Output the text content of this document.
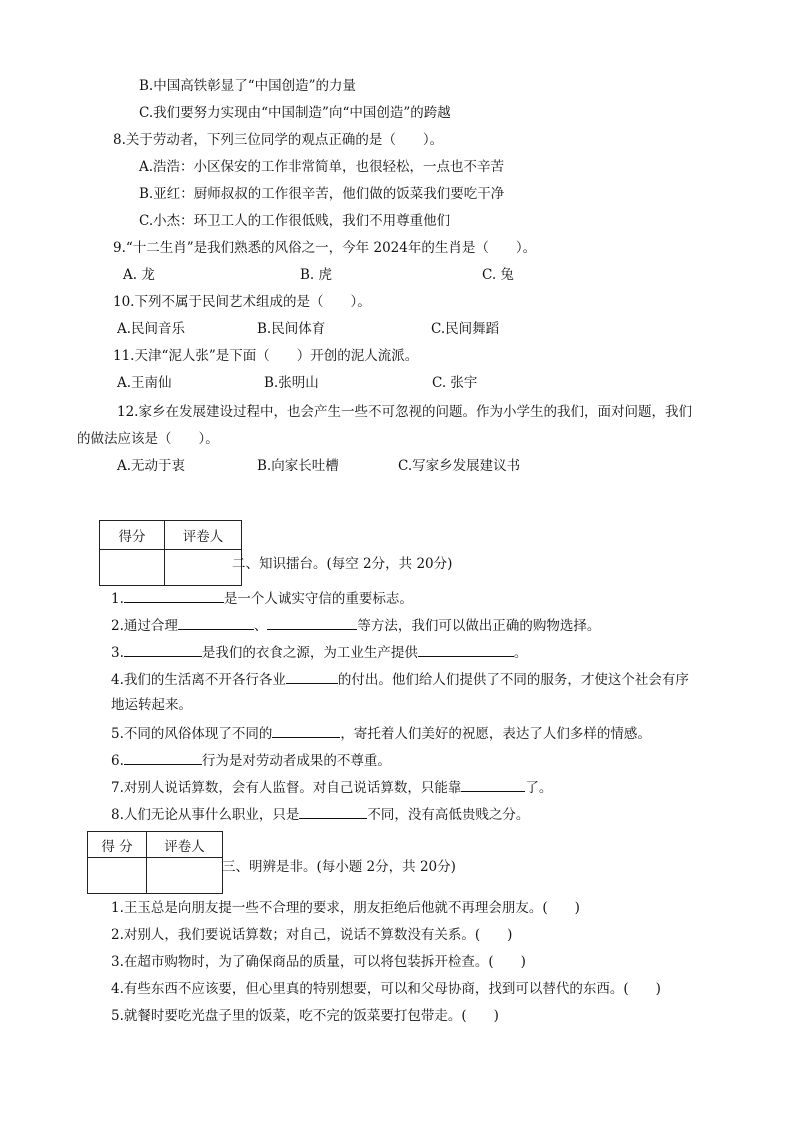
B.中国高铁彰显了“中国创造”的力量
C.我们要努力实现由“中国制造”向“中国创造”的跨越
8.关于劳动者，下列三位同学的观点正确的是（　　）。
A.浩浩：小区保安的工作非常简单，也很轻松，一点也不辛苦
B.亚红：厨师叔叔的工作很辛苦，他们做的饭菜我们要吃干净
C.小杰：环卫工人的工作很低贱，我们不用尊重他们
9.“十二生肖”是我们熟悉的风俗之一，今年 2024年的生肖是（　　）。
A. 龙	B. 虎	C. 兔
10.下列不属于民间艺术组成的是（　　）。
A.民间音乐	B.民间体育	C.民间舞蹈
11.天津“泥人张”是下面（　　）开创的泥人流派。
A.王南仙	B.张明山	C. 张宇
12.家乡在发展建设过程中，也会产生一些不可忽视的问题。作为小学生的我们，面对问题，我们
的做法应该是（　　）。
A.无动于衷	B.向家长吐槽	C.写家乡发展建议书
得分	评卷人

二、知识擂台。(每空 2分，共 20分)
1.	是一个人诚实守信的重要标志。
2.通过合理	、	等方法，我们可以做出正确的购物选择。
3.	是我们的衣食之源，为工业生产提供	。
4.我们的生活离不开各行各业	的付出。他们给人们提供了不同的服务，才使这个社会有序
地运转起来。
5.不同的风俗体现了不同的	，寄托着人们美好的祝愿，表达了人们多样的情感。
6.	行为是对劳动者成果的不尊重。
7.对别人说话算数，会有人监督。对自己说话算数，只能靠	了。
8.人们无论从事什么职业，只是	不同，没有高低贵贱之分。
得 分	评卷人

三、明辨是非。(每小题 2分，共 20分)
1.王玉总是向朋友提一些不合理的要求，朋友拒绝后他就不再理会朋友。(　　)
2.对别人，我们要说话算数；对自己，说话不算数没有关系。(　　)
3.在超市购物时，为了确保商品的质量，可以将包装拆开检查。(　　)
4.有些东西不应该要，但心里真的特别想要，可以和父母协商，找到可以替代的东西。(　　)
5.就餐时要吃光盘子里的饭菜，吃不完的饭菜要打包带走。(　　)
